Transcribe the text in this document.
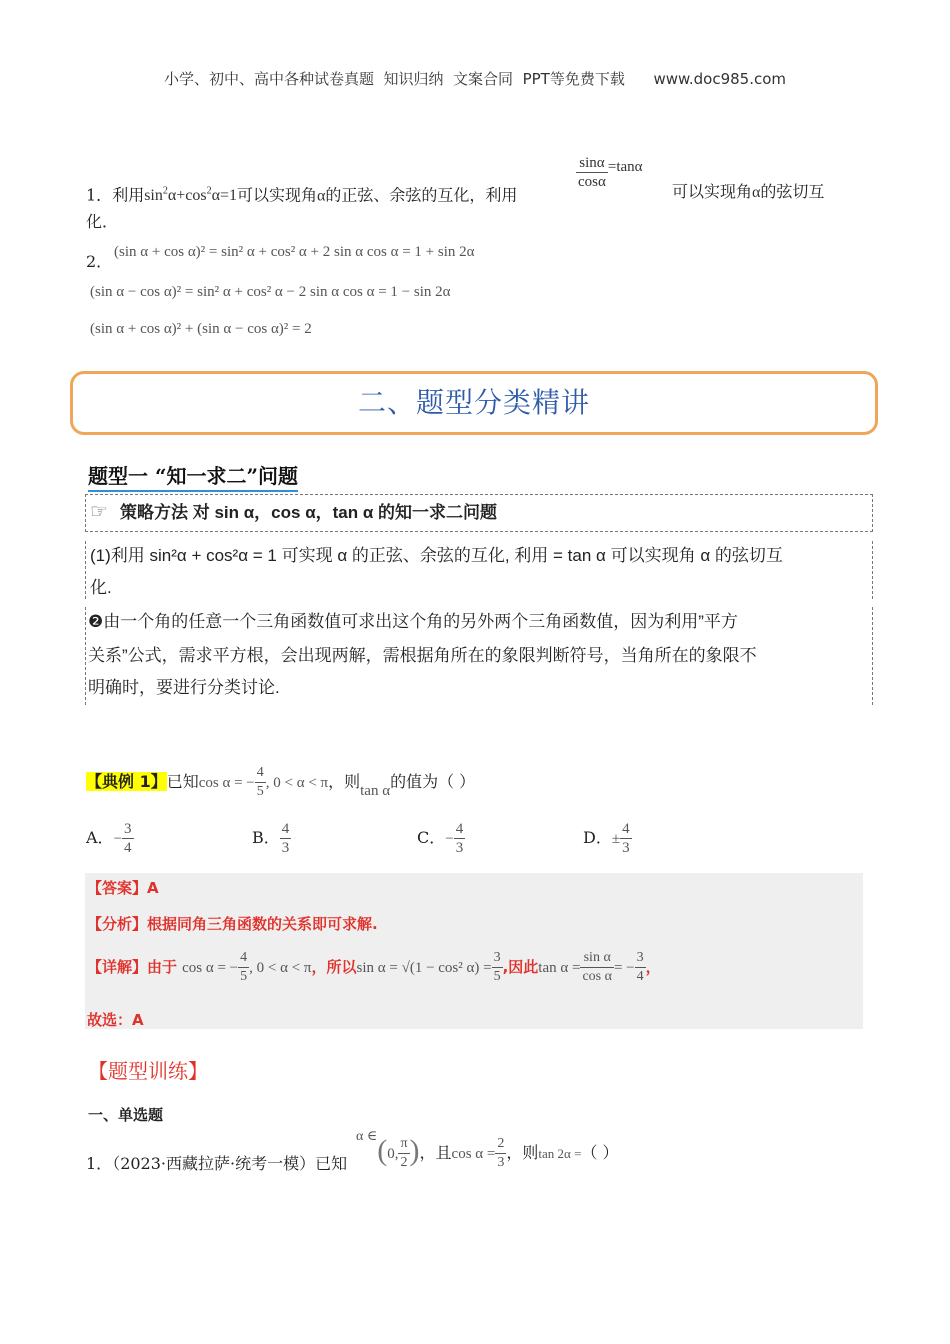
小学、初中、高中各种试卷真题  知识归纳  文案合同  PPT等免费下载      www.doc985.com
1．利用$\sin^2\alpha+\cos^2\alpha=1$可以实现角α的正弦、余弦的互化，利用
$\frac{\sin\alpha}{\cos\alpha} =\tan\alpha$
可以实现角α的弦切互
化．
2． (sin α + cos α)² = sin² α + cos² α + 2 sin α cos α = 1 + sin 2α
(sin α − cos α)² = sin² α + cos² α − 2 sin α cos α = 1 − sin 2α
(sin α + cos α)² + (sin α − cos α)² = 2
二、题型分类精讲
题型一 “知一求二”问题
☞ 策略方法 对 sin α，cos α，tan α 的知一求二问题
(1)利用 sin²α + cos²α = 1 可实现 α 的正弦、余弦的互化, 利用 = tan α 可以实现角 α 的弦切互
化.
❷由一个角的任意一个三角函数值可求出这个角的另外两个三角函数值，因为利用”平方
关系”公式，需求平方根，会出现两解，需根据角所在的象限判断符号，当角所在的象限不
明确时，要进行分类讨论.
【典例 1】已知cos α = − $\frac{4}{5}$ , 0 < α < π，则tan α的值为（ ）
A．− $\frac{3}{4}$	B． $\frac{4}{3}$	C．− $\frac{4}{3}$	D．± $\frac{4}{3}$
【答案】A
【分析】根据同角三角函数的关系即可求解.
【详解】由于 cos α = − $\frac{4}{5}$ , 0 < α < π，所以sin α = √(1 − cos² $\alpha) = \frac{3}{5}$ ,因此$\tan \alpha = \frac{\text{sin α}}{\text{cos α}}$ = − $\frac{3}{4}$ ，
故选：A
【题型训练】
一、单选题
1．（2023·西藏拉萨·统考一模）已知
α ∈(0, $\frac{\pi}{2}$ )，且$\cos \alpha = \frac{2}{3}$ ，则tan 2α =（ ）
